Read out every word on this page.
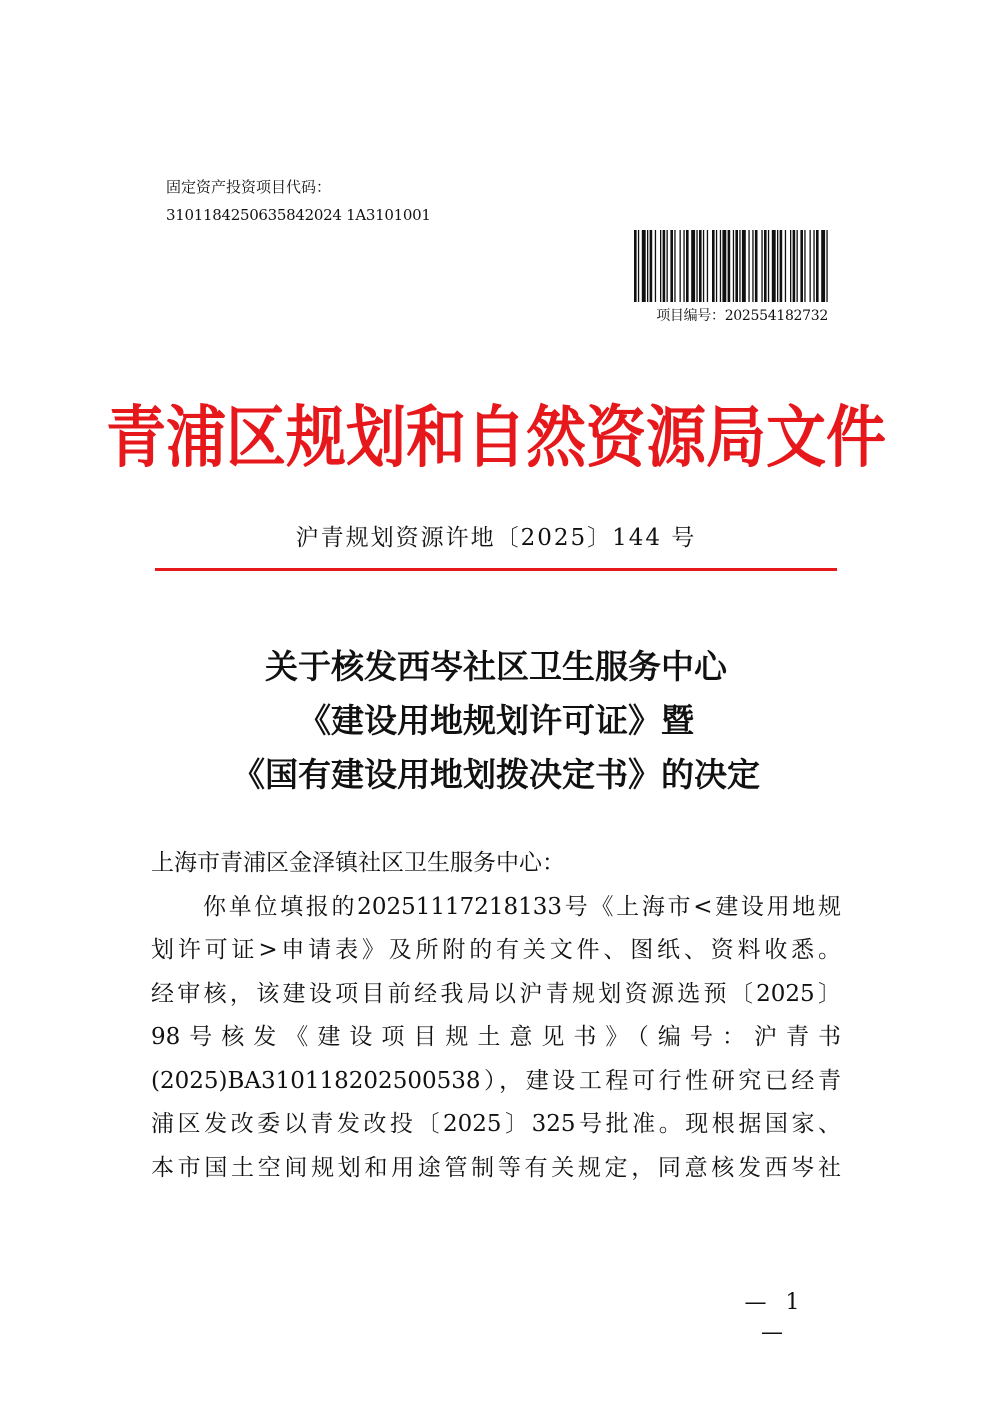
固定资产投资项目代码：
3101184250635842024 1A3101001
项目编号：202554182732
青浦区规划和自然资源局文件
沪青规划资源许地〔2025〕144 号
关于核发西岑社区卫生服务中心
《建设用地规划许可证》暨
《国有建设用地划拨决定书》的决定
上海市青浦区金泽镇社区卫生服务中心：
你单位填报的20251117218133号《上海市<建设用地规
划许可证>申请表》及所附的有关文件、图纸、资料收悉。
经审核，该建设项目前经我局以沪青规划资源选预〔2025〕
98号核发《建设项目规土意见书》（编号：沪青书
(2025)BA310118202500538），建设工程可行性研究已经青
浦区发改委以青发改投〔2025〕325号批准。现根据国家、
本市国土空间规划和用途管制等有关规定，同意核发西岑社
— 1 —
